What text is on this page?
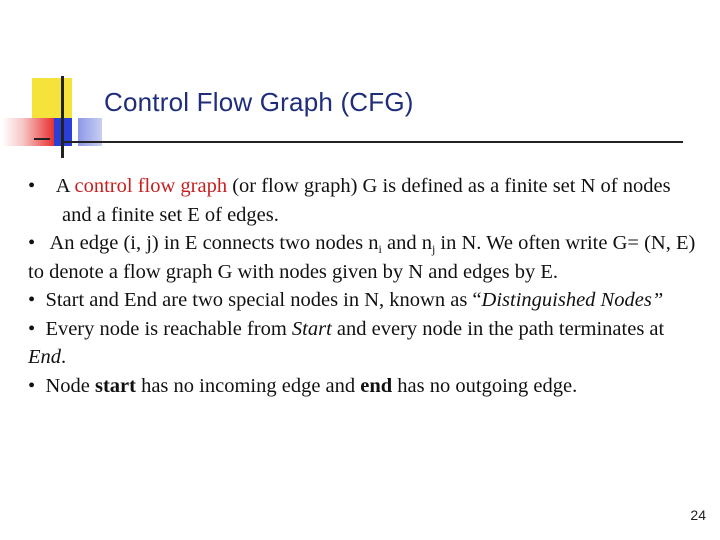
Control Flow Graph (CFG)

• A control flow graph (or flow graph) G is defined as a finite set N of nodes and a finite set E of edges.

• An edge (i, j) in E connects two nodes $n_i$ and $n_j$ in N. We often write G= (N, E) to denote a flow graph G with nodes given by N and edges by E.

• Start and End are two special nodes in N, known as “Distinguished Nodes”

• Every node is reachable from Start and every node in the path terminates at End.

• Node start has no incoming edge and end has no outgoing edge.

24
